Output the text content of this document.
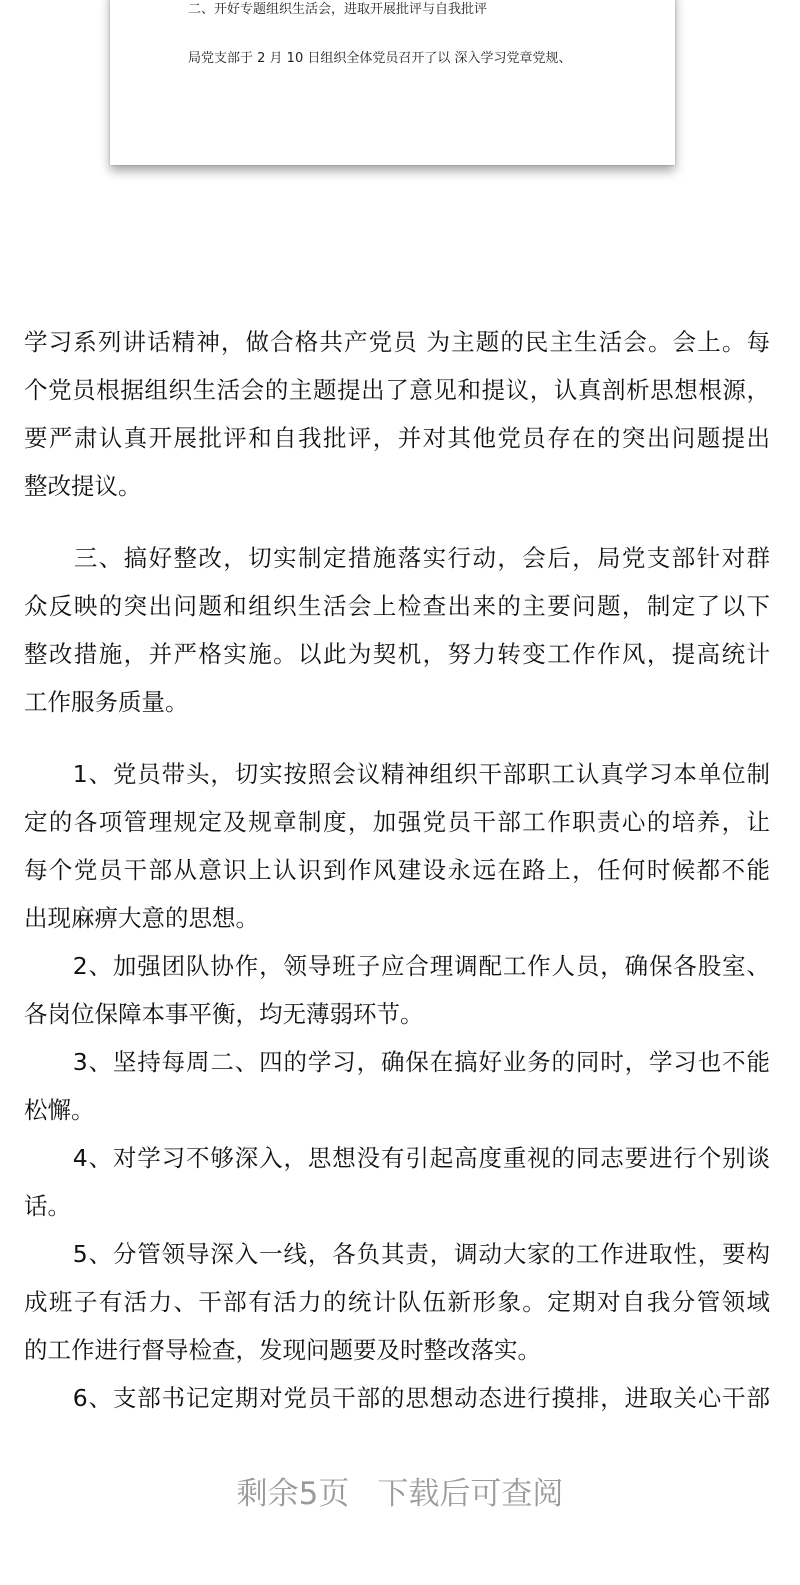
二、开好专题组织生活会，进取开展批评与自我批评
局党支部于 2 月 10 日组织全体党员召开了以 深入学习党章党规、
学习系列讲话精神，做合格共产党员 为主题的民主生活会。会上。每
个党员根据组织生活会的主题提出了意见和提议，认真剖析思想根源，
要严肃认真开展批评和自我批评，并对其他党员存在的突出问题提出
整改提议。
　　三、搞好整改，切实制定措施落实行动，会后，局党支部针对群
众反映的突出问题和组织生活会上检查出来的主要问题，制定了以下
整改措施，并严格实施。以此为契机，努力转变工作作风，提高统计
工作服务质量。
　　1、党员带头，切实按照会议精神组织干部职工认真学习本单位制
定的各项管理规定及规章制度，加强党员干部工作职责心的培养，让
每个党员干部从意识上认识到作风建设永远在路上，任何时候都不能
出现麻痹大意的思想。
　　2、加强团队协作，领导班子应合理调配工作人员，确保各股室、
各岗位保障本事平衡，均无薄弱环节。
　　3、坚持每周二、四的学习，确保在搞好业务的同时，学习也不能
松懈。
　　4、对学习不够深入，思想没有引起高度重视的同志要进行个别谈
话。
　　5、分管领导深入一线，各负其责，调动大家的工作进取性，要构
成班子有活力、干部有活力的统计队伍新形象。定期对自我分管领域
的工作进行督导检查，发现问题要及时整改落实。
　　6、支部书记定期对党员干部的思想动态进行摸排，进取关心干部
剩余5页 下载后可查阅
